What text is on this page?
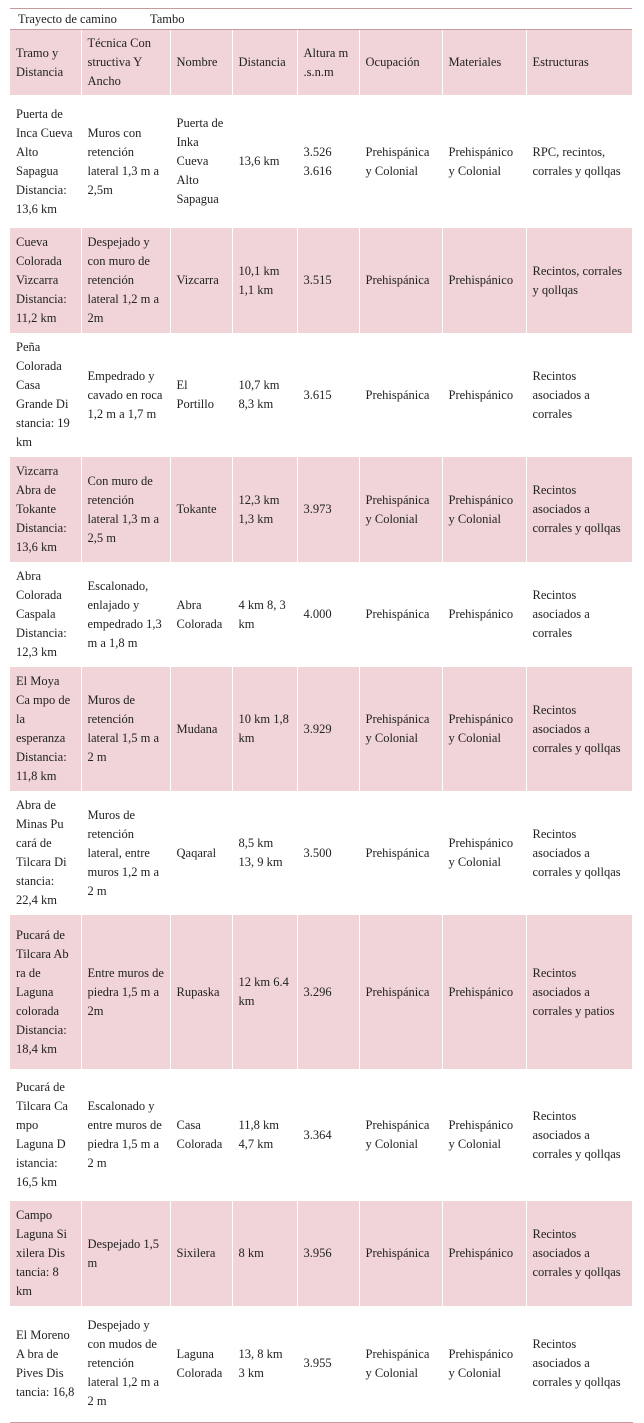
Trayecto de camino	Tambo
Tramo y Distancia	Técnica Con structiva Y Ancho	Nombre	Distancia	Altura m .s.n.m	Ocupación	Materiales	Estructuras
Puerta de Inca Cueva Alto Sapagua Distancia: 13,6 km	Muros con retención lateral 1,3 m a 2,5m	Puerta de Inka Cueva Alto Sapagua	13,6 km	3.526 3.616	Prehispánica y Colonial	Prehispánico y Colonial	RPC, recintos, corrales y qollqas
Cueva Colorada Vizcarra Distancia: 11,2 km	Despejado y con muro de retención lateral 1,2 m a 2m	Vizcarra	10,1 km 1,1 km	3.515	Prehispánica	Prehispánico	Recintos, corrales y qollqas
Peña Colorada Casa Grande Di stancia: 19 km	Empedrado y cavado en roca 1,2 m a 1,7 m	El Portillo	10,7 km 8,3 km	3.615	Prehispánica	Prehispánico	Recintos asociados a corrales
Vizcarra Abra de Tokante Distancia: 13,6 km	Con muro de retención lateral 1,3 m a 2,5 m	Tokante	12,3 km 1,3 km	3.973	Prehispánica y Colonial	Prehispánico y Colonial	Recintos asociados a corrales y qollqas
Abra Colorada Caspala Distancia: 12,3 km	Escalonado, enlajado y empedrado 1,3 m a 1,8 m	Abra Colorada	4 km 8, 3 km	4.000	Prehispánica	Prehispánico	Recintos asociados a corrales
El Moya Ca mpo de la esperanza Distancia: 11,8 km	Muros de retención lateral 1,5 m a 2 m	Mudana	10 km 1,8 km	3.929	Prehispánica y Colonial	Prehispánico y Colonial	Recintos asociados a corrales y qollqas
Abra de Minas Pu cará de Tilcara Di stancia: 22,4 km	Muros de retención lateral, entre muros 1,2 m a 2 m	Qaqaral	8,5 km 13, 9 km	3.500	Prehispánica	Prehispánico y Colonial	Recintos asociados a corrales y qollqas
Pucará de Tilcara Ab ra de Laguna colorada Distancia: 18,4 km	Entre muros de piedra 1,5 m a 2m	Rupaska	12 km 6.4 km	3.296	Prehispánica	Prehispánico	Recintos asociados a corrales y patios
Pucará de Tilcara Ca mpo Laguna D istancia: 16,5 km	Escalonado y entre muros de piedra 1,5 m a 2 m	Casa Colorada	11,8 km 4,7 km	3.364	Prehispánica y Colonial	Prehispánico y Colonial	Recintos asociados a corrales y qollqas
Campo Laguna Si xilera Dis tancia: 8 km	Despejado 1,5 m	Sixilera	8 km	3.956	Prehispánica	Prehispánico	Recintos asociados a corrales y qollqas
El Moreno A bra de Pives Dis tancia: 16,8	Despejado y con mudos de retención lateral 1,2 m a 2 m	Laguna Colorada	13, 8 km 3 km	3.955	Prehispánica y Colonial	Prehispánico y Colonial	Recintos asociados a corrales y qollqas
